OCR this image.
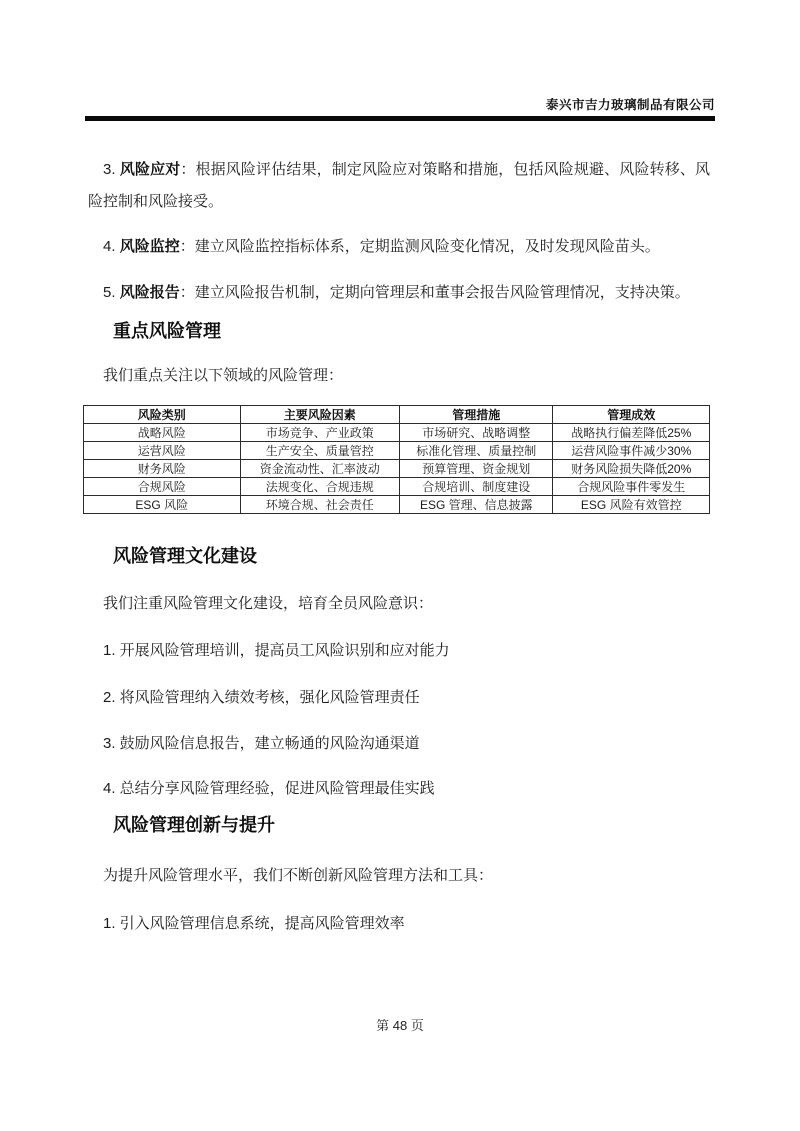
泰兴市吉力玻璃制品有限公司

3. 风险应对：根据风险评估结果，制定风险应对策略和措施，包括风险规避、风险转移、风险控制和风险接受。

4. 风险监控：建立风险监控指标体系，定期监测风险变化情况，及时发现风险苗头。

5. 风险报告：建立风险报告机制，定期向管理层和董事会报告风险管理情况，支持决策。

重点风险管理

我们重点关注以下领域的风险管理：

风险类别	主要风险因素	管理措施	管理成效
战略风险	市场竞争、产业政策	市场研究、战略调整	战略执行偏差降低25%
运营风险	生产安全、质量管控	标准化管理、质量控制	运营风险事件减少30%
财务风险	资金流动性、汇率波动	预算管理、资金规划	财务风险损失降低20%
合规风险	法规变化、合规违规	合规培训、制度建设	合规风险事件零发生
ESG 风险	环境合规、社会责任	ESG 管理、信息披露	ESG 风险有效管控
风险管理文化建设

我们注重风险管理文化建设，培育全员风险意识：

1. 开展风险管理培训，提高员工风险识别和应对能力

2. 将风险管理纳入绩效考核，强化风险管理责任

3. 鼓励风险信息报告，建立畅通的风险沟通渠道

4. 总结分享风险管理经验，促进风险管理最佳实践

风险管理创新与提升

为提升风险管理水平，我们不断创新风险管理方法和工具：

1. 引入风险管理信息系统，提高风险管理效率

第 48 页
